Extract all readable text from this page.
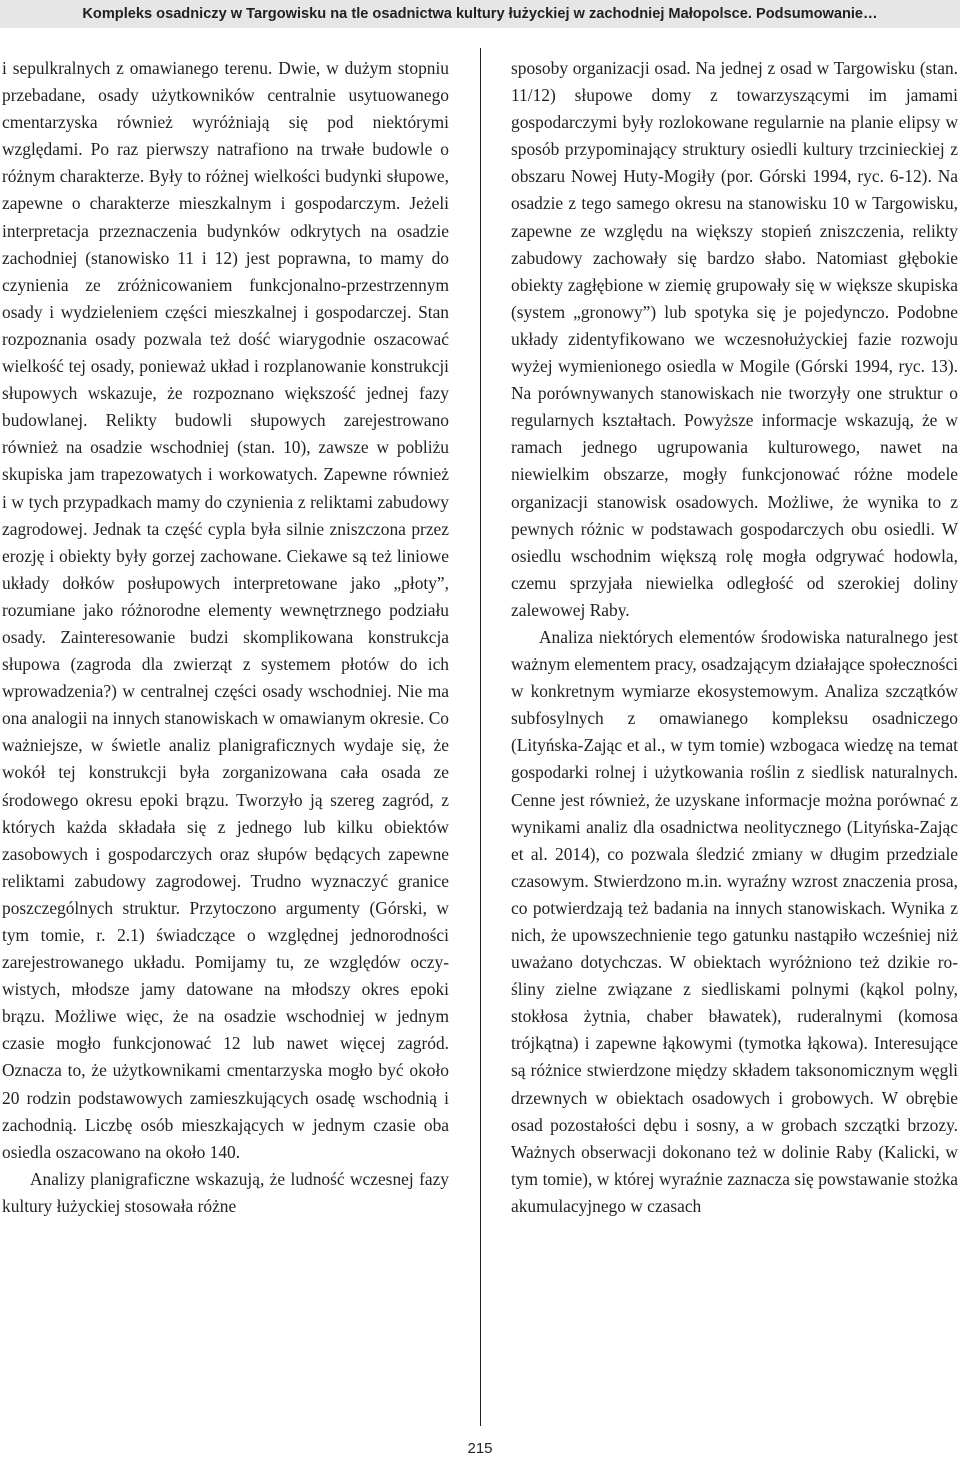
Kompleks osadniczy w Targowisku na tle osadnictwa kultury łużyckiej w zachodniej Małopolsce. Podsumowanie…

i sepulkralnych z omawianego terenu. Dwie, w dużym stopniu przebadane, osady użytkowników centralnie usytuowanego cmentarzyska również wyróżniają się pod niektórymi względami. Po raz pierwszy natrafiono na trwałe budowle o różnym charakterze. Były to różnej wielkości budynki słupowe, zapewne o charakterze mieszkalnym i gospodarczym. Jeżeli interpretacja przeznaczenia budynków odkrytych na osadzie zachodniej (stanowisko 11 i 12) jest poprawna, to mamy do czynienia ze zróżnicowaniem funkcjonalno-przestrzennym osady i wydzieleniem części mieszkalnej i gospodarczej. Stan rozpoznania osady pozwala też dość wiarygodnie oszacować wielkość tej osady, ponieważ układ i rozplanowanie konstrukcji słupowych wskazuje, że rozpoznano większość jednej fazy budowlanej. Relikty budowli słupowych zarejestrowano również na osadzie wschodniej (stan. 10), zawsze w pobliżu skupiska jam trapezowatych i workowatych. Zapewne również i w tych przypadkach mamy do czynienia z reliktami zabudowy zagrodowej. Jednak ta część cypla była silnie zniszczona przez erozję i obiekty były gorzej zachowane. Ciekawe są też liniowe układy dołków posłupowych interpretowane jako „płoty”, rozumiane jako różnorodne elementy wewnętrznego podziału osady. Zainteresowanie budzi skomplikowana konstrukcja słupowa (zagroda dla zwierząt z systemem płotów do ich wprowadzenia?) w centralnej części osady wschodniej. Nie ma ona analogii na innych stanowiskach w omawianym okresie. Co ważniejsze, w świetle analiz planigraficznych wydaje się, że wokół tej konstrukcji była zorganizowana cała osada ze środowego okresu epoki brązu. Tworzyło ją szereg zagród, z których każda składała się z jednego lub kilku obiektów zasobowych i gospodarczych oraz słupów będących zapewne reliktami zabudowy zagrodowej. Trudno wyznaczyć granice poszczególnych struktur. Przytoczono argumenty (Górski, w tym tomie, r. 2.1) świadczące o względnej jednorodności zarejestrowanego układu. Pomijamy tu, ze względów oczywistych, młodsze jamy datowane na młodszy okres epoki brązu. Możliwe więc, że na osadzie wschodniej w jednym czasie mogło funkcjonować 12 lub nawet więcej zagród. Oznacza to, że użytkownikami cmentarzyska mogło być około 20 rodzin podstawowych zamieszkujących osadę wschodnią i zachodnią. Liczbę osób mieszkających w jednym czasie oba osiedla oszacowano na około 140.

Analizy planigraficzne wskazują, że ludność wczesnej fazy kultury łużyckiej stosowała różne

sposoby organizacji osad. Na jednej z osad w Targowisku (stan. 11/12) słupowe domy z towarzyszącymi im jamami gospodarczymi były rozlokowane regularnie na planie elipsy w sposób przypominający struktury osiedli kultury trzcinieckiej z obszaru Nowej Huty-Mogiły (por. Górski 1994, ryc. 6-12). Na osadzie z tego samego okresu na stanowisku 10 w Targowisku, zapewne ze względu na większy stopień zniszczenia, relikty zabudowy zachowały się bardzo słabo. Natomiast głębokie obiekty zagłębione w ziemię grupowały się w większe skupiska (system „gronowy”) lub spotyka się je pojedynczo. Podobne układy zidentyfikowano we wczesnołużyckiej fazie rozwoju wyżej wymienionego osiedla w Mogile (Górski 1994, ryc. 13). Na porównywanych stanowiskach nie tworzyły one struktur o regularnych kształtach. Powyższe informacje wskazują, że w ramach jednego ugrupowania kulturowego, nawet na niewielkim obszarze, mogły funkcjonować różne modele organizacji stanowisk osadowych. Możliwe, że wynika to z pewnych różnic w podstawach gospodarczych obu osiedli. W osiedlu wschodnim większą rolę mogła odgrywać hodowla, czemu sprzyjała niewielka odległość od szerokiej doliny zalewowej Raby.

Analiza niektórych elementów środowiska naturalnego jest ważnym elementem pracy, osadzającym działające społeczności w konkretnym wymiarze ekosystemowym. Analiza szczątków subfosylnych z omawianego kompleksu osadniczego (Lityńska-Zając et al., w tym tomie) wzbogaca wiedzę na temat gospodarki rolnej i użytkowania roślin z siedlisk naturalnych. Cenne jest również, że uzyskane informacje można porównać z wynikami analiz dla osadnictwa neolitycznego (Lityńska-Zając et al. 2014), co pozwala śledzić zmiany w długim przedziale czasowym. Stwierdzono m.in. wyraźny wzrost znaczenia prosa, co potwierdzają też badania na innych stanowiskach. Wynika z nich, że upowszechnienie tego gatunku nastąpiło wcześniej niż uważano dotychczas. W obiektach wyróżniono też dzikie rośliny zielne związane z siedliskami polnymi (kąkol polny, stokłosa żytnia, chaber bławatek), ruderalnymi (komosa trójkątna) i zapewne łąkowymi (tymotka łąkowa). Interesujące są różnice stwierdzone między składem taksonomicznym węgli drzewnych w obiektach osadowych i grobowych. W obrębie osad pozostałości dębu i sosny, a w grobach szczątki brzozy. Ważnych obserwacji dokonano też w dolinie Raby (Kalicki, w tym tomie), w której wyraźnie zaznacza się powstawanie stożka akumulacyjnego w czasach

215
